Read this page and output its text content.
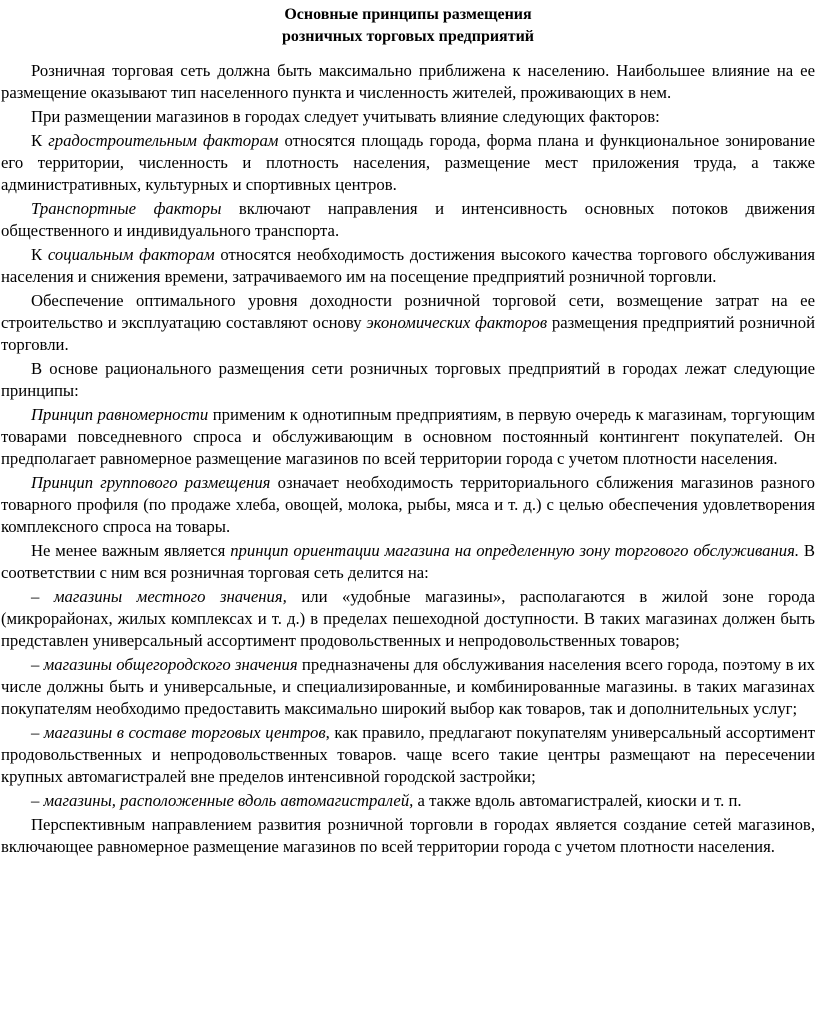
Основные принципы размещения
розничных торговых предприятий

Розничная торговая сеть должна быть максимально приближена к населению. Наибольшее влияние на ее размещение оказывают тип населенного пункта и численность жителей, проживающих в нем.

При размещении магазинов в городах следует учитывать влияние следующих факторов:

К градостроительным факторам относятся площадь города, форма плана и функциональное зонирование его территории, численность и плотность населения, размещение мест приложения труда, а также административных, культурных и спортивных центров.

Транспортные факторы включают направления и интенсивность основных потоков движения общественного и индивидуального транспорта.

К социальным факторам относятся необходимость достижения высокого качества торгового обслуживания населения и снижения времени, затрачиваемого им на посещение предприятий розничной торговли.

Обеспечение оптимального уровня доходности розничной торговой сети, возмещение затрат на ее строительство и эксплуатацию составляют основу экономических факторов размещения предприятий розничной торговли.

В основе рационального размещения сети розничных торговых предприятий в городах лежат следующие принципы:

Принцип равномерности применим к однотипным предприятиям, в первую очередь к магазинам, торгующим товарами повседневного спроса и обслуживающим в основном постоянный контингент покупателей. Он предполагает равномерное размещение магазинов по всей территории города с учетом плотности населения.

Принцип группового размещения означает необходимость территориального сближения магазинов разного товарного профиля (по продаже хлеба, овощей, молока, рыбы, мяса и т. д.) с целью обеспечения удовлетворения комплексного спроса на товары.

Не менее важным является принцип ориентации магазина на определенную зону торгового обслуживания. В соответствии с ним вся розничная торговая сеть делится на:

– магазины местного значения, или «удобные магазины», располагаются в жилой зоне города (микрорайонах, жилых комплексах и т. д.) в пределах пешеходной доступности. В таких магазинах должен быть представлен универсальный ассортимент продовольственных и непродовольственных товаров;

– магазины общегородского значения предназначены для обслуживания населения всего города, поэтому в их числе должны быть и универсальные, и специализированные, и комбинированные магазины. в таких магазинах покупателям необходимо предоставить максимально широкий выбор как товаров, так и дополнительных услуг;

– магазины в составе торговых центров, как правило, предлагают покупателям универсальный ассортимент продовольственных и непродовольственных товаров. чаще всего такие центры размещают на пересечении крупных автомагистралей вне пределов интенсивной городской застройки;

– магазины, расположенные вдоль автомагистралей, а также вдоль автомагистралей, киоски и т. п.

Перспективным направлением развития розничной торговли в городах является создание сетей магазинов, включающее равномерное размещение магазинов по всей территории города с учетом плотности населения.
